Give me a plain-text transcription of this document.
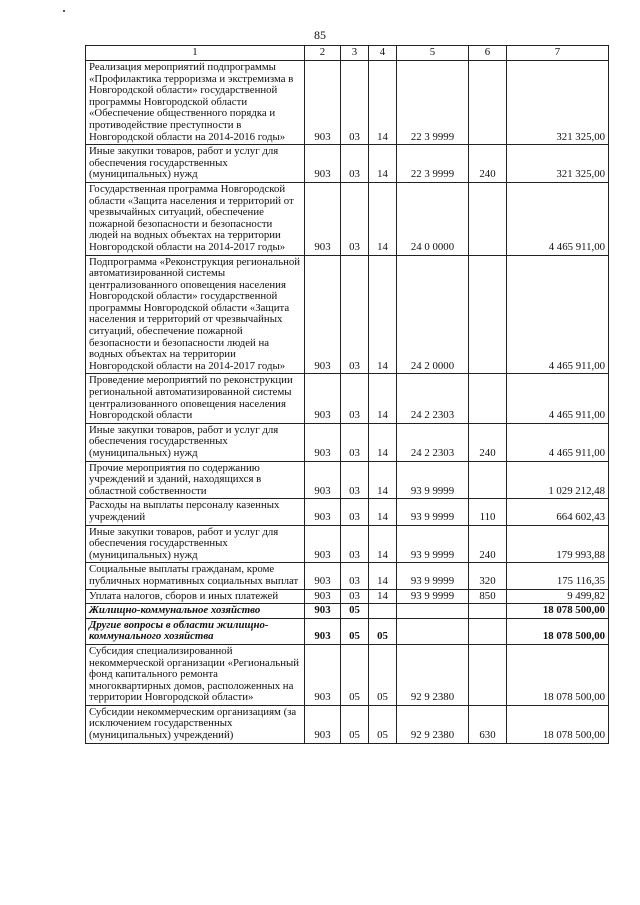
85
1	2	3	4	5	6	7
Реализация мероприятий подпрограммы «Профилактика терроризма и экстремизма в Новгородской области» государственной программы Новгородской области «Обеспечение общественного порядка и противодействие преступности в Новгородской области на 2014-2016 годы»	903	03	14	22 3 9999		321 325,00
Иные закупки товаров, работ и услуг для обеспечения государственных (муниципальных) нужд	903	03	14	22 3 9999	240	321 325,00
Государственная программа Новгородской области «Защита населения и территорий от чрезвычайных ситуаций, обеспечение пожарной безопасности и безопасности людей на водных объектах на территории Новгородской области на 2014-2017 годы»	903	03	14	24 0 0000		4 465 911,00
Подпрограмма «Реконструкция региональной автоматизированной системы централизованного оповещения населения Новгородской области» государственной программы Новгородской области «Защита населения и территорий от чрезвычайных ситуаций, обеспечение пожарной безопасности и безопасности людей на водных объектах на территории Новгородской области на 2014-2017 годы»	903	03	14	24 2 0000		4 465 911,00
Проведение мероприятий по реконструкции региональной автоматизированной системы централизованного оповещения населения Новгородской области	903	03	14	24 2 2303		4 465 911,00
Иные закупки товаров, работ и услуг для обеспечения государственных (муниципальных) нужд	903	03	14	24 2 2303	240	4 465 911,00
Прочие мероприятия по содержанию учреждений и зданий, находящихся в областной собственности	903	03	14	93 9 9999		1 029 212,48
Расходы на выплаты персоналу казенных учреждений	903	03	14	93 9 9999	110	664 602,43
Иные закупки товаров, работ и услуг для обеспечения государственных (муниципальных) нужд	903	03	14	93 9 9999	240	179 993,88
Социальные выплаты гражданам, кроме публичных нормативных социальных выплат	903	03	14	93 9 9999	320	175 116,35
Уплата налогов, сборов и иных платежей	903	03	14	93 9 9999	850	9 499,82
Жилищно-коммунальное хозяйство	903	05				18 078 500,00
Другие вопросы в области жилищно-коммунального хозяйства	903	05	05			18 078 500,00
Субсидия специализированной некоммерческой организации «Региональный фонд капитального ремонта многоквартирных домов, расположенных на территории Новгородской области»	903	05	05	92 9 2380		18 078 500,00
Субсидии некоммерческим организациям (за исключением государственных (муниципальных) учреждений)	903	05	05	92 9 2380	630	18 078 500,00
